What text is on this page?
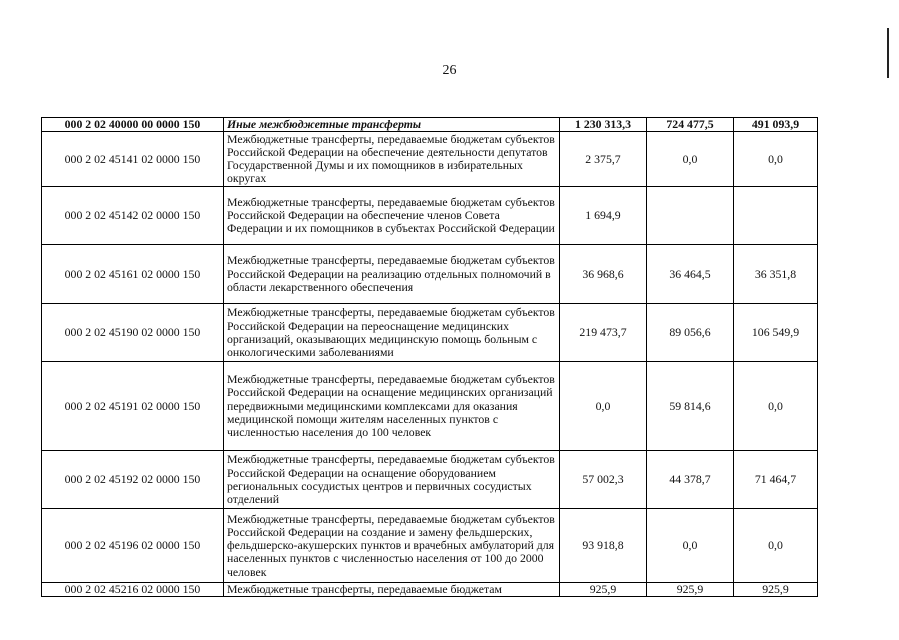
26
000 2 02 40000 00 0000 150	Иные межбюджетные трансферты	1 230 313,3	724 477,5	491 093,9
000 2 02 45141 02 0000 150	Межбюджетные трансферты, передаваемые бюджетам субъектов Российской Федерации на обеспечение деятельности депутатов Государственной Думы и их помощников в избирательных округах	2 375,7	0,0	0,0
000 2 02 45142 02 0000 150	Межбюджетные трансферты, передаваемые бюджетам субъектов Российской Федерации на обеспечение членов Совета Федерации и их помощников в субъектах Российской Федерации	1 694,9		
000 2 02 45161 02 0000 150	Межбюджетные трансферты, передаваемые бюджетам субъектов Российской Федерации на реализацию отдельных полномочий в области лекарственного обеспечения	36 968,6	36 464,5	36 351,8
000 2 02 45190 02 0000 150	Межбюджетные трансферты, передаваемые бюджетам субъектов Российской Федерации на переоснащение медицинских организаций, оказывающих медицинскую помощь больным с онкологическими заболеваниями	219 473,7	89 056,6	106 549,9
000 2 02 45191 02 0000 150	Межбюджетные трансферты, передаваемые бюджетам субъектов Российской Федерации на оснащение медицинских организаций передвижными медицинскими комплексами для оказания медицинской помощи жителям населенных пунктов с численностью населения до 100 человек	0,0	59 814,6	0,0
000 2 02 45192 02 0000 150	Межбюджетные трансферты, передаваемые бюджетам субъектов Российской Федерации на оснащение оборудованием региональных сосудистых центров и первичных сосудистых отделений	57 002,3	44 378,7	71 464,7
000 2 02 45196 02 0000 150	Межбюджетные трансферты, передаваемые бюджетам субъектов Российской Федерации на создание и замену фельдшерских, фельдшерско-акушерских пунктов и врачебных амбулаторий для населенных пунктов с численностью населения от 100 до 2000 человек	93 918,8	0,0	0,0
000 2 02 45216 02 0000 150	Межбюджетные трансферты, передаваемые бюджетам	925,9	925,9	925,9
